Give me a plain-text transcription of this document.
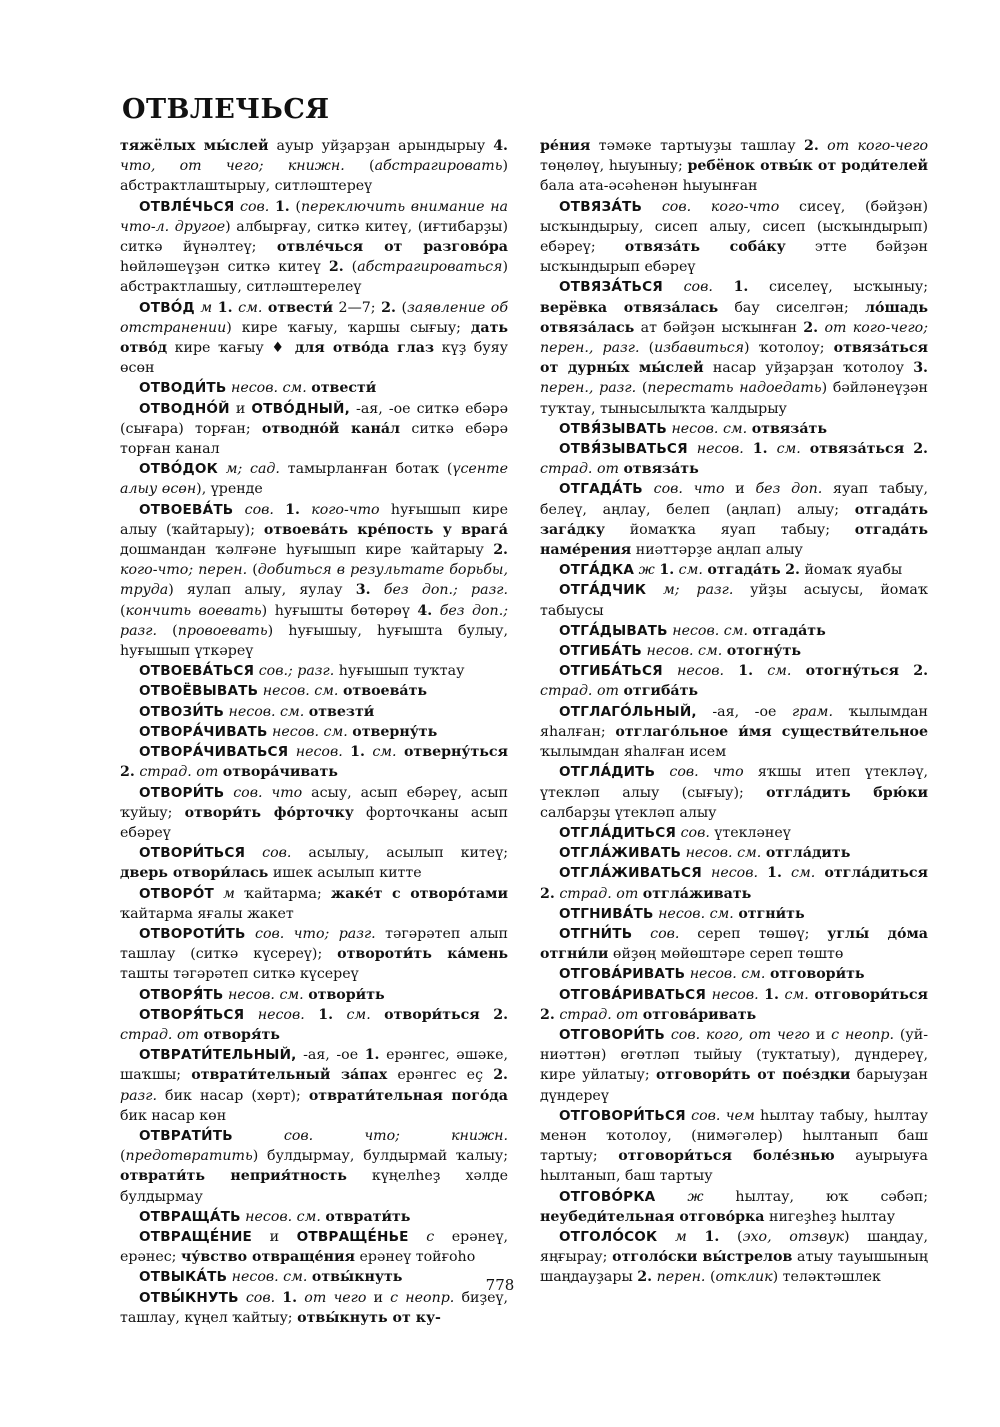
ОТВЛЕЧЬСЯ

тяжёлых мы́слей ауыр уйҙарҙан арындырыу 4. что, от чего; книжн. (абстрагировать) абстрактлаштырыу, ситләштереү

ОТВЛЕ́ЧЬСЯ сов. 1. (переключить внимание на что-л. другое) албырғау, ситкә китеү, (иғтибарҙы) ситкә йүнәлтеү; отвле́чься от разгово́ра һөйләшеүҙән ситкә китеү 2. (абстрагироваться) абстрактлашыу, ситләштерелеү

ОТВО́Д м 1. см. отвести́ 2—7; 2. (заявление об отстранении) кире ҡағыу, ҡаршы сығыу; дать отво́д кире ҡағыу ♦ для отво́да глаз күҙ буяу өсөн

ОТВОДИ́ТЬ несов. см. отвести́

ОТВОДНО́Й и ОТВО́ДНЫЙ, -ая, -ое ситкә ебәрә (сығара) торған; отводно́й кана́л ситкә ебәрә торған канал

ОТВО́ДОК м; сад. тамырланған ботаҡ (үсенте алыу өсөн), үренде

ОТВОЕВА́ТЬ сов. 1. кого-что һуғышып кире алыу (ҡайтарыу); отвоева́ть кре́пость у врага́ дошмандан ҡәлғәне һуғышып кире ҡайтарыу 2. кого-что; перен. (добиться в результате борьбы, труда) яулап алыу, яулау 3. без доп.; разг. (кончить воевать) һуғышты бөтөрөү 4. без доп.; разг. (провоевать) һуғышыу, һуғышта булыу, һуғышып үткәреү

ОТВОЕВА́ТЬСЯ сов.; разг. һуғышып туҡтау

ОТВОЁВЫВАТЬ несов. см. отвоева́ть

ОТВОЗИ́ТЬ несов. см. отвезти́

ОТВОРА́ЧИВАТЬ несов. см. отверну́ть

ОТВОРА́ЧИВАТЬСЯ несов. 1. см. отверну́ться 2. страд. от отвора́чивать

ОТВОРИ́ТЬ сов. что асыу, асып ебәреү, асып ҡуйыу; отвори́ть фо́рточку форточканы асып ебәреү

ОТВОРИ́ТЬСЯ сов. асылыу, асылып китеү; дверь отвори́лась ишек асылып китте

ОТВОРО́Т м ҡайтарма; жаке́т с отворо́тами ҡайтарма яғалы жакет

ОТВОРОТИ́ТЬ сов. что; разг. тәгәрәтеп алып ташлау (ситкә күсереү); отвороти́ть ка́мень ташты тәгәрәтеп ситкә күсереү

ОТВОРЯ́ТЬ несов. см. отвори́ть

ОТВОРЯ́ТЬСЯ несов. 1. см. отвори́ться 2. страд. от отворя́ть

ОТВРАТИ́ТЕЛЬНЫЙ, -ая, -ое 1. ерәнгес, әшәке, шаҡшы; отврати́тельный за́пах ерәнгес еҫ 2. разг. бик насар (хөрт); отврати́тельная пого́да бик насар көн

ОТВРАТИ́ТЬ	сов. что; книжн. (предотвратить) булдырмау, булдырмай ҡалыу; отврати́ть неприя́тность күңелһеҙ хәлде булдырмау

ОТВРАЩА́ТЬ несов. см. отврати́ть

ОТВРАЩЕ́НИЕ и ОТВРАЩЕ́НЬЕ с ерәнеү, ерәнес; чу́вство отвраще́ния ерәнеү тойғоһо

ОТВЫКА́ТЬ несов. см. отвы́кнуть

ОТВЫ́КНУТЬ сов. 1. от чего и с неопр. биҙеү, ташлау, күңел ҡайтыу; отвы́кнуть от ку-

ре́ния тәмәке тартыуҙы ташлау 2. от кого-чего төңөлөү, һыуыныу; ребёнок отвы́к от роди́телей бала ата-әсәһенән һыуынған

ОТВЯЗА́ТЬ сов. кого-что сисеү, (бәйҙән) ысҡындырыу, сисеп алыу, сисеп (ысҡындырып) ебәреү; отвяза́ть соба́ку этте бәйҙән ысҡындырып ебәреү

ОТВЯЗА́ТЬСЯ сов. 1. сиселеү, ысҡыныу; верёвка отвяза́лась бау сиселгән; ло́шадь отвяза́лась ат бәйҙән ысҡынған 2. от кого-чего; перен., разг. (избавиться) ҡотолоу; отвяза́ться от дурны́х мы́слей насар уйҙарҙан ҡотолоу 3. перен., разг. (перестать надоедать) бәйләнеүҙән туҡтау, тынысылыҡта ҡалдырыу

ОТВЯ́ЗЫВАТЬ несов. см. отвяза́ть

ОТВЯ́ЗЫВАТЬСЯ несов. 1. см. отвяза́ться 2. страд. от отвяза́ть

ОТГАДА́ТЬ сов. что и без доп. яуап табыу, белеү, аңлау, белеп (аңлап) алыу; отгада́ть зага́дку йомаҡҡа яуап табыу; отгада́ть наме́рения ниәттәрҙе аңлап алыу

ОТГА́ДКА ж 1. см. отгада́ть 2. йомаҡ яуабы

ОТГА́ДЧИК м; разг. уйҙы асыусы, йомаҡ табыусы

ОТГА́ДЫВАТЬ несов. см. отгада́ть

ОТГИБА́ТЬ несов. см. отогну́ть

ОТГИБА́ТЬСЯ несов. 1. см. отогну́ться 2. страд. от отгиба́ть

ОТГЛАГО́ЛЬНЫЙ, -ая, -ое грам. ҡылымдан яһалған; отглаго́льное и́мя существи́тельное ҡылымдан яһалған исем

ОТГЛА́ДИТЬ сов. что яҡшы итеп үтекләү, үтекләп алыу (сығыу); отгла́дить брю́ки салбарҙы үтекләп алыу

ОТГЛА́ДИТЬСЯ сов. үтекләнеү

ОТГЛА́ЖИВАТЬ несов. см. отгла́дить

ОТГЛА́ЖИВАТЬСЯ несов. 1. см. отгла́диться 2. страд. от отгла́живать

ОТГНИВА́ТЬ несов. см. отгни́ть

ОТГНИ́ТЬ сов. сереп төшөү; углы́ до́ма отгни́ли өйҙөң мөйөштәре сереп төштө

ОТГОВА́РИВАТЬ несов. см. отговори́ть

ОТГОВА́РИВАТЬСЯ несов. 1. см. отговори́ться 2. страд. от отгова́ривать

ОТГОВОРИ́ТЬ сов. кого, от чего и с неопр. (уй-ниәттән) өгөтләп тыйыу (туктатыу), дүндереү, кире уйлатыу; отговори́ть от пое́здки барыуҙан дүндереү

ОТГОВОРИ́ТЬСЯ сов. чем һылтау табыу, һылтау менән ҡотолоу, (нимәгәлер) һылтанып баш тартыу; отговори́ться боле́знью ауырыуға һылтанып, баш тартыу

ОТГОВО́РКА ж һылтау, юҡ сәбәп; неубеди́тельная отгово́рка нигеҙһеҙ һылтау

ОТГОЛО́СОК м 1. (эхо, отзвук) шаңдау, яңғырау; отголо́ски вы́стрелов атыу тауышының шаңдауҙары 2. перен. (отклик) теләктәшлек

778
